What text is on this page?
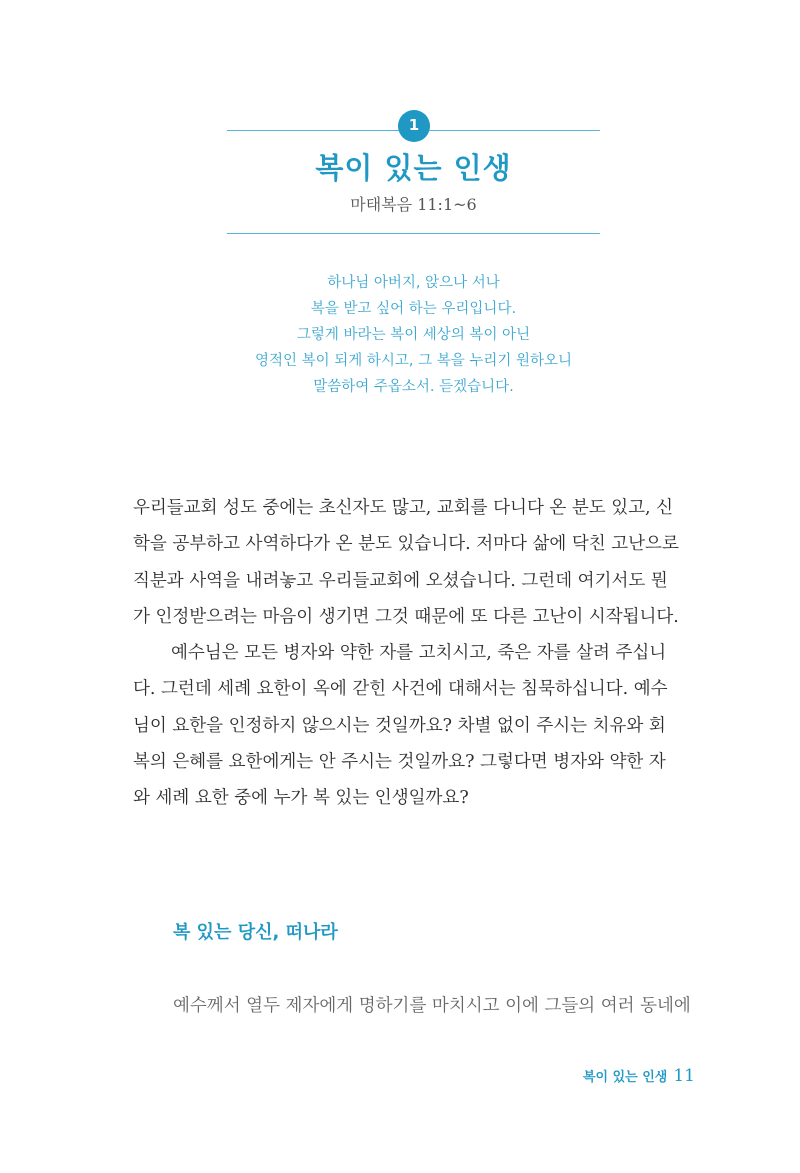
1
복이 있는 인생
마태복음 11:1~6
하나님 아버지, 앉으나 서나
복을 받고 싶어 하는 우리입니다.
그렇게 바라는 복이 세상의 복이 아닌
영적인 복이 되게 하시고, 그 복을 누리기 원하오니
말씀하여 주옵소서. 듣겠습니다.
우리들교회 성도 중에는 초신자도 많고, 교회를 다니다 온 분도 있고, 신
학을 공부하고 사역하다가 온 분도 있습니다. 저마다 삶에 닥친 고난으로
직분과 사역을 내려놓고 우리들교회에 오셨습니다. 그런데 여기서도 뭔
가 인정받으려는 마음이 생기면 그것 때문에 또 다른 고난이 시작됩니다.
예수님은 모든 병자와 약한 자를 고치시고, 죽은 자를 살려 주십니
다. 그런데 세례 요한이 옥에 갇힌 사건에 대해서는 침묵하십니다. 예수
님이 요한을 인정하지 않으시는 것일까요? 차별 없이 주시는 치유와 회
복의 은혜를 요한에게는 안 주시는 것일까요? 그렇다면 병자와 약한 자
와 세례 요한 중에 누가 복 있는 인생일까요?
복 있는 당신, 떠나라
예수께서 열두 제자에게 명하기를 마치시고 이에 그들의 여러 동네에
복이 있는 인생 11
